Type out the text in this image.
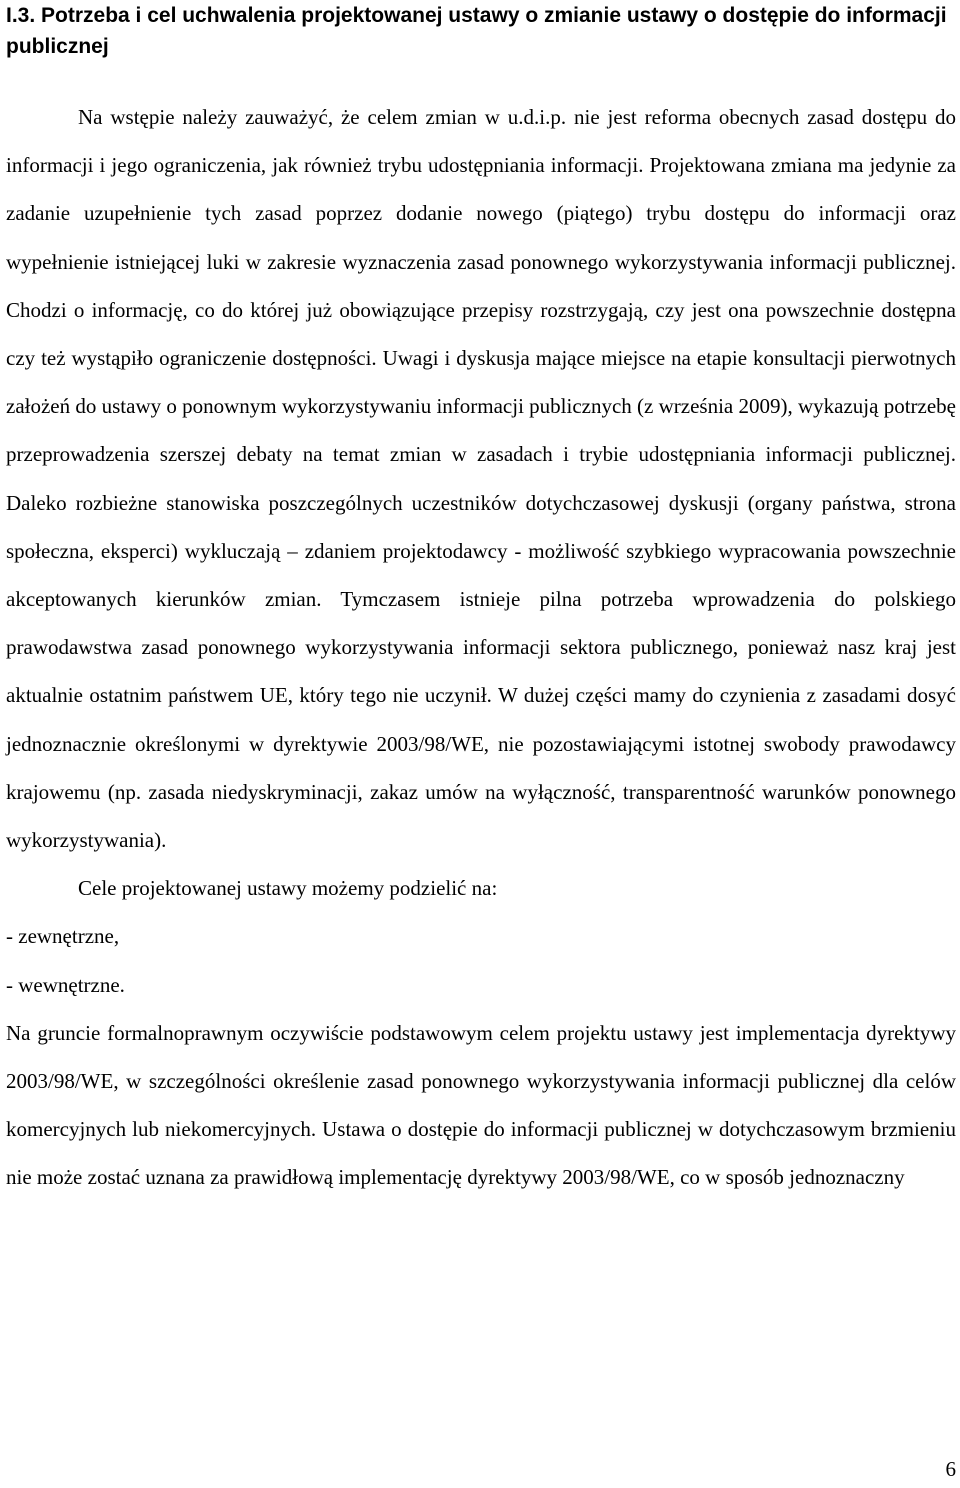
I.3. Potrzeba i cel uchwalenia projektowanej ustawy o zmianie ustawy o dostępie do informacji publicznej

Na wstępie należy zauważyć, że celem zmian w u.d.i.p. nie jest reforma obecnych zasad dostępu do informacji i jego ograniczenia, jak również trybu udostępniania informacji. Projektowana zmiana ma jedynie za zadanie uzupełnienie tych zasad poprzez dodanie nowego (piątego) trybu dostępu do informacji oraz wypełnienie istniejącej luki w zakresie wyznaczenia zasad ponownego wykorzystywania informacji publicznej. Chodzi o informację, co do której już obowiązujące przepisy rozstrzygają, czy jest ona powszechnie dostępna czy też wystąpiło ograniczenie dostępności. Uwagi i dyskusja mające miejsce na etapie konsultacji pierwotnych założeń do ustawy o ponownym wykorzystywaniu informacji publicznych (z września 2009), wykazują potrzebę przeprowadzenia szerszej debaty na temat zmian w zasadach i trybie udostępniania informacji publicznej. Daleko rozbieżne stanowiska poszczególnych uczestników dotychczasowej dyskusji (organy państwa, strona społeczna, eksperci) wykluczają – zdaniem projektodawcy - możliwość szybkiego wypracowania powszechnie akceptowanych kierunków zmian. Tymczasem istnieje pilna potrzeba wprowadzenia do polskiego prawodawstwa zasad ponownego wykorzystywania informacji sektora publicznego, ponieważ nasz kraj jest aktualnie ostatnim państwem UE, który tego nie uczynił. W dużej części mamy do czynienia z zasadami dosyć jednoznacznie określonymi w dyrektywie 2003/98/WE, nie pozostawiającymi istotnej swobody prawodawcy krajowemu (np. zasada niedyskryminacji, zakaz umów na wyłączność, transparentność warunków ponownego wykorzystywania).

Cele projektowanej ustawy możemy podzielić na:

- zewnętrzne,

- wewnętrzne.

Na gruncie formalnoprawnym oczywiście podstawowym celem projektu ustawy jest implementacja dyrektywy 2003/98/WE, w szczególności określenie zasad ponownego wykorzystywania informacji publicznej dla celów komercyjnych lub niekomercyjnych. Ustawa o dostępie do informacji publicznej w dotychczasowym brzmieniu nie może zostać uznana za prawidłową implementację dyrektywy 2003/98/WE, co w sposób jednoznaczny

6
